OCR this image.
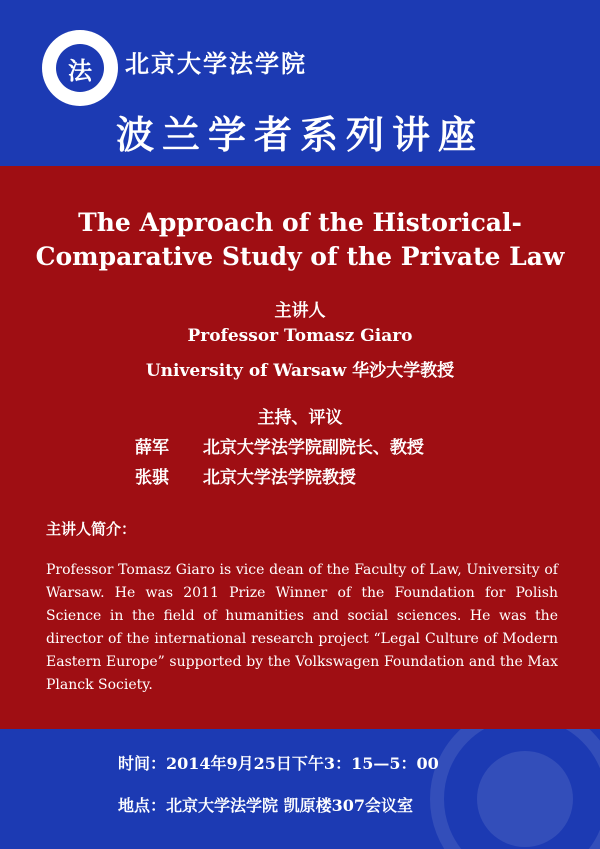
法	北京大学法学院
波兰学者系列讲座
The Approach of the Historical-
Comparative Study of the Private Law
主讲人
Professor Tomasz Giaro
University of Warsaw 华沙大学教授
主持、评议
薛军 北京大学法学院副院长、教授
张骐 北京大学法学院教授
主讲人简介：
Professor Tomasz Giaro is vice dean of the Faculty of Law, University of Warsaw. He was 2011 Prize Winner of the Foundation for Polish Science in the field of humanities and social sciences. He was the director of the international research project “Legal Culture of Modern Eastern Europe” supported by the Volkswagen Foundation and the Max Planck Society.
时间：2014年9月25日下午3：15—5：00
地点：北京大学法学院 凯原楼307会议室
